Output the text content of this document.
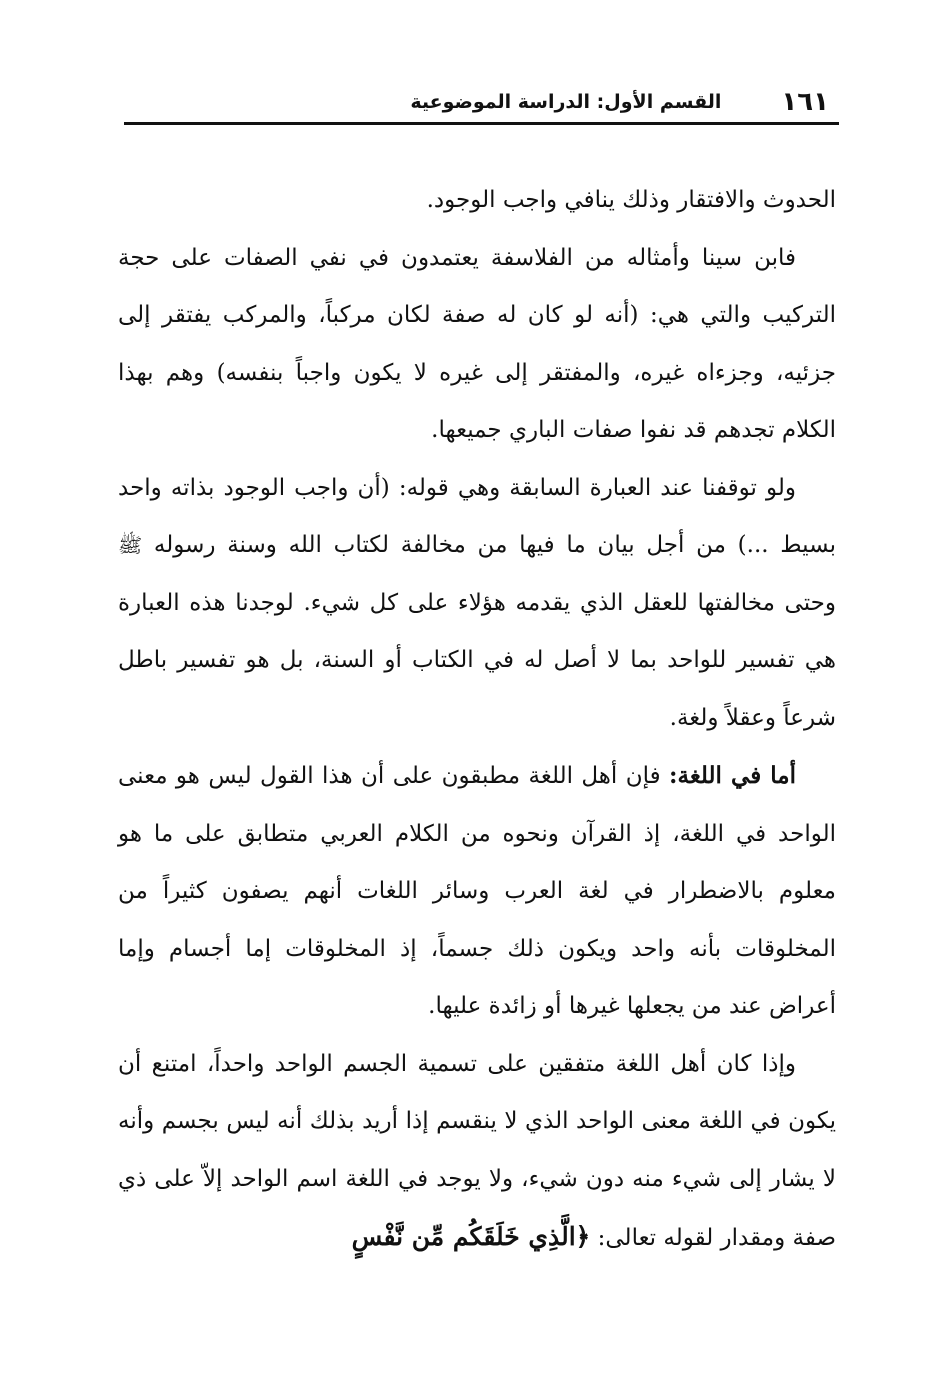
١٦١
القسم الأول: الدراسة الموضوعية

الحدوث والافتقار وذلك ينافي واجب الوجود.

فابن سينا وأمثاله من الفلاسفة يعتمدون في نفي الصفات على حجة التركيب والتي هي: (أنه لو كان له صفة لكان مركباً، والمركب يفتقر إلى جزئيه، وجزءاه غيره، والمفتقر إلى غيره لا يكون واجباً بنفسه) وهم بهذا الكلام تجدهم قد نفوا صفات الباري جميعها.

ولو توقفنا عند العبارة السابقة وهي قوله: (أن واجب الوجود بذاته واحد بسيط ...) من أجل بيان ما فيها من مخالفة لكتاب الله وسنة رسوله ﷺ وحتى مخالفتها للعقل الذي يقدمه هؤلاء على كل شيء. لوجدنا هذه العبارة هي تفسير للواحد بما لا أصل له في الكتاب أو السنة، بل هو تفسير باطل شرعاً وعقلاً ولغة.

أما في اللغة: فإن أهل اللغة مطبقون على أن هذا القول ليس هو معنى الواحد في اللغة، إذ القرآن ونحوه من الكلام العربي متطابق على ما هو معلوم بالاضطرار في لغة العرب وسائر اللغات أنهم يصفون كثيراً من المخلوقات بأنه واحد ويكون ذلك جسماً، إذ المخلوقات إما أجسام وإما أعراض عند من يجعلها غيرها أو زائدة عليها.

وإذا كان أهل اللغة متفقين على تسمية الجسم الواحد واحداً، امتنع أن يكون في اللغة معنى الواحد الذي لا ينقسم إذا أريد بذلك أنه ليس بجسم وأنه لا يشار إلى شيء منه دون شيء، ولا يوجد في اللغة اسم الواحد إلاّ على ذي صفة ومقدار لقوله تعالى: ﴿الَّذِي خَلَقَكُم مِّن نَّفْسٍ
